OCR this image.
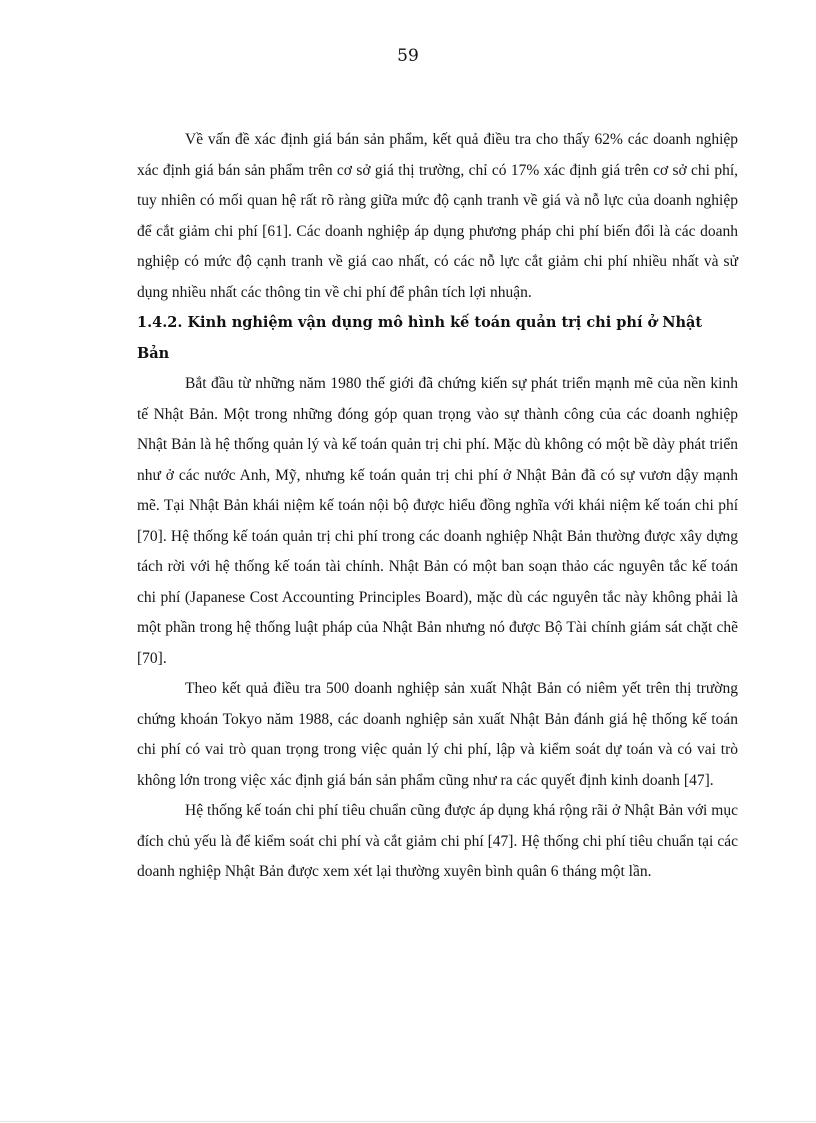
59

Về vấn đề xác định giá bán sản phẩm, kết quả điều tra cho thấy 62% các doanh nghiệp xác định giá bán sản phẩm trên cơ sở giá thị trường, chỉ có 17% xác định giá trên cơ sở chi phí, tuy nhiên có mối quan hệ rất rõ ràng giữa mức độ cạnh tranh về giá và nỗ lực của doanh nghiệp để cắt giảm chi phí [61]. Các doanh nghiệp áp dụng phương pháp chi phí biến đổi là các doanh nghiệp có mức độ cạnh tranh về giá cao nhất, có các nỗ lực cắt giảm chi phí nhiều nhất và sử dụng nhiều nhất các thông tin về chi phí để phân tích lợi nhuận.

1.4.2. Kinh nghiệm vận dụng mô hình kế toán quản trị chi phí ở Nhật Bản

Bắt đầu từ những năm 1980 thế giới đã chứng kiến sự phát triển mạnh mẽ của nền kinh tế Nhật Bản. Một trong những đóng góp quan trọng vào sự thành công của các doanh nghiệp Nhật Bản là hệ thống quản lý và kế toán quản trị chi phí. Mặc dù không có một bề dày phát triển như ở các nước Anh, Mỹ, nhưng kế toán quản trị chi phí ở Nhật Bản đã có sự vươn dậy mạnh mẽ. Tại Nhật Bản khái niệm kế toán nội bộ được hiểu đồng nghĩa với khái niệm kế toán chi phí [70]. Hệ thống kế toán quản trị chi phí trong các doanh nghiệp Nhật Bản thường được xây dựng tách rời với hệ thống kế toán tài chính. Nhật Bản có một ban soạn thảo các nguyên tắc kế toán chi phí (Japanese Cost Accounting Principles Board), mặc dù các nguyên tắc này không phải là một phần trong hệ thống luật pháp của Nhật Bản nhưng nó được Bộ Tài chính giám sát chặt chẽ [70].

Theo kết quả điều tra 500 doanh nghiệp sản xuất Nhật Bản có niêm yết trên thị trường chứng khoán Tokyo năm 1988, các doanh nghiệp sản xuất Nhật Bản đánh giá hệ thống kế toán chi phí có vai trò quan trọng trong việc quản lý chi phí, lập và kiểm soát dự toán và có vai trò không lớn trong việc xác định giá bán sản phẩm cũng như ra các quyết định kinh doanh [47].

Hệ thống kế toán chi phí tiêu chuẩn cũng được áp dụng khá rộng rãi ở Nhật Bản với mục đích chủ yếu là để kiểm soát chi phí và cắt giảm chi phí [47]. Hệ thống chi phí tiêu chuẩn tại các doanh nghiệp Nhật Bản được xem xét lại thường xuyên bình quân 6 tháng một lần.
